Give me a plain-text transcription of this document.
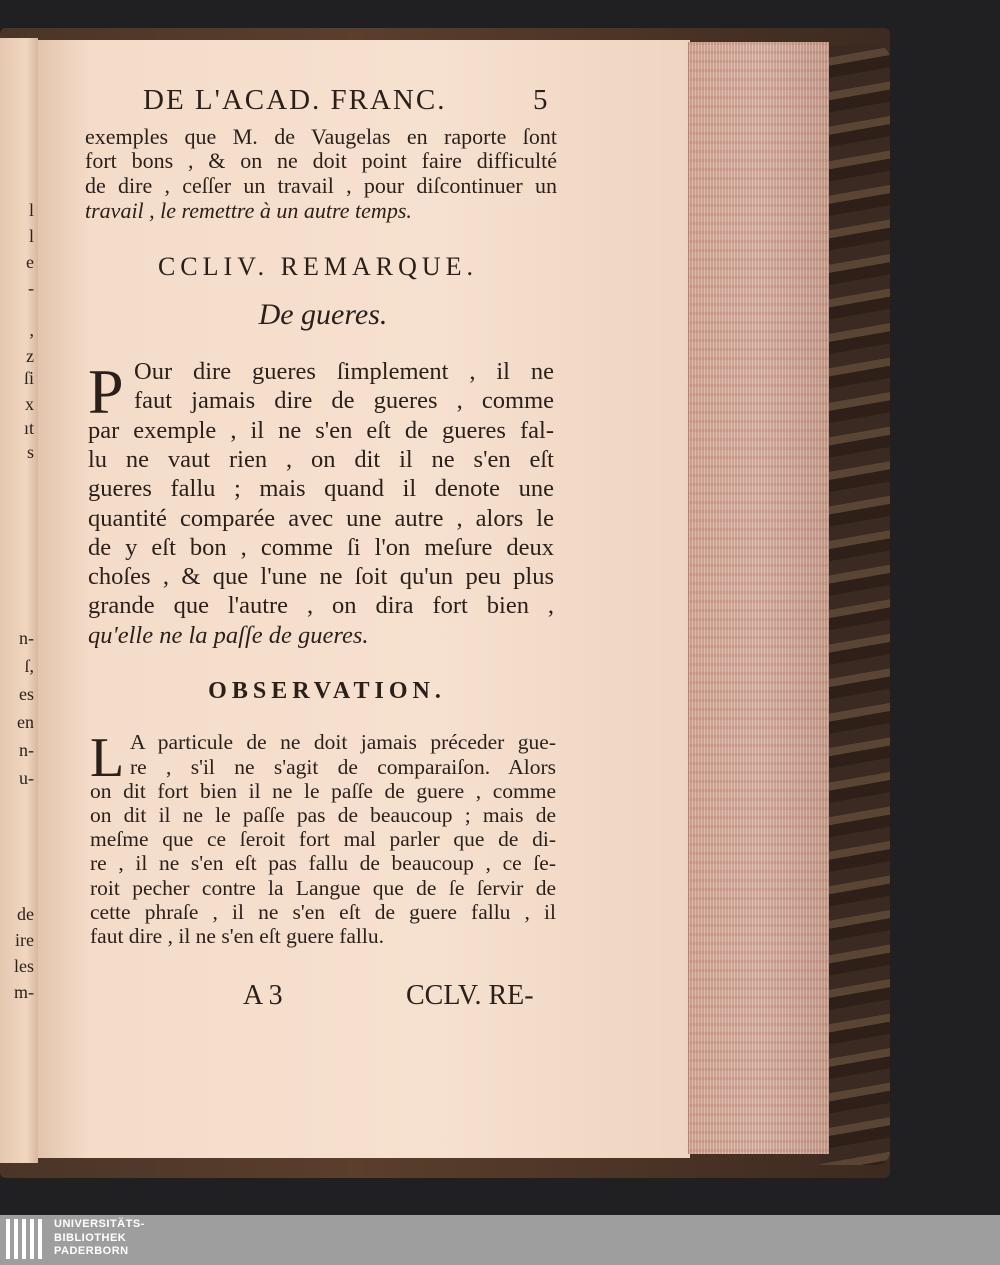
l
l
e
-
,
z
ſi
x
ıt
s
n-
ſ,
es
en
n-
u-
de
ire
les
m-
DE L'ACAD. FRANC.	5
exemples que M. de Vaugelas en raporte ſont
fort bons , & on ne doit point faire difficulté
de dire , ceſſer un travail , pour diſcontinuer un
travail , le remettre à un autre temps.
CCLIV. REMARQUE.
De gueres.
P Our dire gueres ſimplement , il ne
faut jamais dire de gueres , comme
par exemple , il ne s'en eſt de gueres fal-
lu ne vaut rien , on dit il ne s'en eſt
gueres fallu ; mais quand il denote une
quantité comparée avec une autre , alors le
de y eſt bon , comme ſi l'on meſure deux
choſes , & que l'une ne ſoit qu'un peu plus
grande que l'autre , on dira fort bien ,
qu'elle ne la paſſe de gueres.
OBSERVATION.
L A particule de ne doit jamais préceder gue-
re , s'il ne s'agit de comparaiſon. Alors
on dit fort bien il ne le paſſe de guere , comme
on dit il ne le paſſe pas de beaucoup ; mais de
meſme que ce ſeroit fort mal parler que de di-
re , il ne s'en eſt pas fallu de beaucoup , ce ſe-
roit pecher contre la Langue que de ſe ſervir de
cette phraſe , il ne s'en eſt de guere fallu , il
faut dire , il ne s'en eſt guere fallu.
A 3	CCLV. RE-
UNIVERSITÄTS-
BIBLIOTHEK
PADERBORN
